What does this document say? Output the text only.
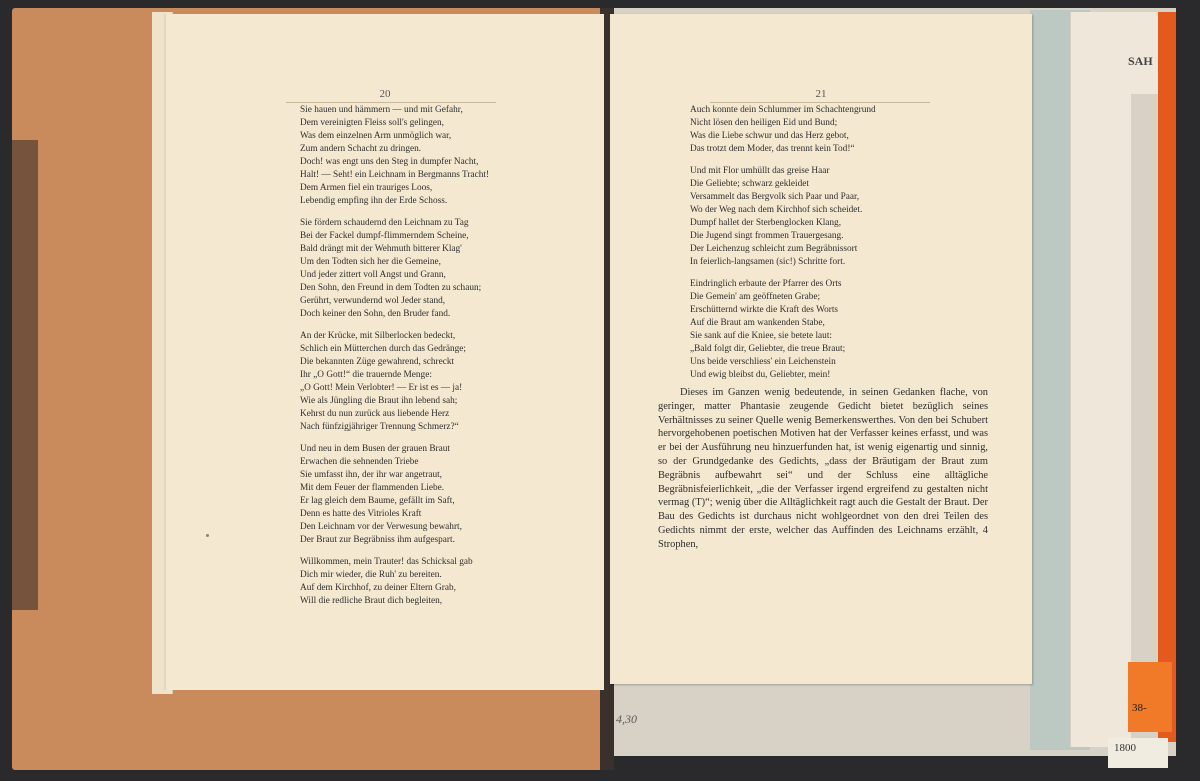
SAH
38-
1800
20
Sie hauen und hämmern — und mit Gefahr,
Dem vereinigten Fleiss soll's gelingen,
Was dem einzelnen Arm unmöglich war,
Zum andern Schacht zu dringen.
Doch! was engt uns den Steg in dumpfer Nacht,
Halt! — Seht! ein Leichnam in Bergmanns Tracht!
Dem Armen fiel ein trauriges Loos,
Lebendig empfing ihn der Erde Schoss.
Sie fördern schaudernd den Leichnam zu Tag
Bei der Fackel dumpf-flimmerndem Scheine,
Bald drängt mit der Wehmuth bitterer Klag'
Um den Todten sich her die Gemeine,
Und jeder zittert voll Angst und Grann,
Den Sohn, den Freund in dem Todten zu schaun;
Gerührt, verwundernd wol Jeder stand,
Doch keiner den Sohn, den Bruder fand.
An der Krücke, mit Silberlocken bedeckt,
Schlich ein Mütterchen durch das Gedränge;
Die bekannten Züge gewahrend, schreckt
Ihr „O Gott!“ die trauernde Menge:
„O Gott! Mein Verlobter! — Er ist es — ja!
Wie als Jüngling die Braut ihn lebend sah;
Kehrst du nun zurück aus liebende Herz
Nach fünfzigjähriger Trennung Schmerz?“
Und neu in dem Busen der grauen Braut
Erwachen die sehnenden Triebe
Sie umfasst ihn, der ihr war angetraut,
Mit dem Feuer der flammenden Liebe.
Er lag gleich dem Baume, gefällt im Saft,
Denn es hatte des Vitrioles Kraft
Den Leichnam vor der Verwesung bewahrt,
Der Braut zur Begräbniss ihm aufgespart.
Willkommen, mein Trauter! das Schicksal gab
Dich mir wieder, die Ruh' zu bereiten.
Auf dem Kirchhof, zu deiner Eltern Grab,
Will die redliche Braut dich begleiten,
21
Auch konnte dein Schlummer im Schachtengrund
Nicht lösen den heiligen Eid und Bund;
Was die Liebe schwur und das Herz gebot,
Das trotzt dem Moder, das trennt kein Tod!“
Und mit Flor umhüllt das greise Haar
Die Geliebte; schwarz gekleidet
Versammelt das Bergvolk sich Paar und Paar,
Wo der Weg nach dem Kirchhof sich scheidet.
Dumpf hallet der Sterbenglocken Klang,
Die Jugend singt frommen Trauergesang.
Der Leichenzug schleicht zum Begräbnissort
In feierlich-langsamen (sic!) Schritte fort.
Eindringlich erbaute der Pfarrer des Orts
Die Gemein' am geöffneten Grabe;
Erschütternd wirkte die Kraft des Worts
Auf die Braut am wankenden Stabe,
Sie sank auf die Kniee, sie betete laut:
„Bald folgt dir, Geliebter, die treue Braut;
Uns beide verschliess' ein Leichenstein
Und ewig bleibst du, Geliebter, mein!

Dieses im Ganzen wenig bedeutende, in seinen Gedanken flache, von geringer, matter Phantasie zeugende Gedicht bietet bezüglich seines Verhältnisses zu seiner Quelle wenig Bemerkenswerthes. Von den bei Schubert hervorgehobenen poetischen Motiven hat der Verfasser keines erfasst, und was er bei der Ausführung neu hinzuerfunden hat, ist wenig eigenartig und sinnig, so der Grundgedanke des Gedichts, „dass der Bräutigam der Braut zum Begräbnis aufbewahrt sei“ und der Schluss eine alltägliche Begräbnisfeierlichkeit, „die der Verfasser irgend ergreifend zu gestalten nicht vermag (T)“; wenig über die Alltäglichkeit ragt auch die Gestalt der Braut. Der Bau des Gedichts ist durchaus nicht wohlgeordnet von den drei Teilen des Gedichts nimmt der erste, welcher das Auffinden des Leichnams erzählt, 4 Strophen,

4,30
